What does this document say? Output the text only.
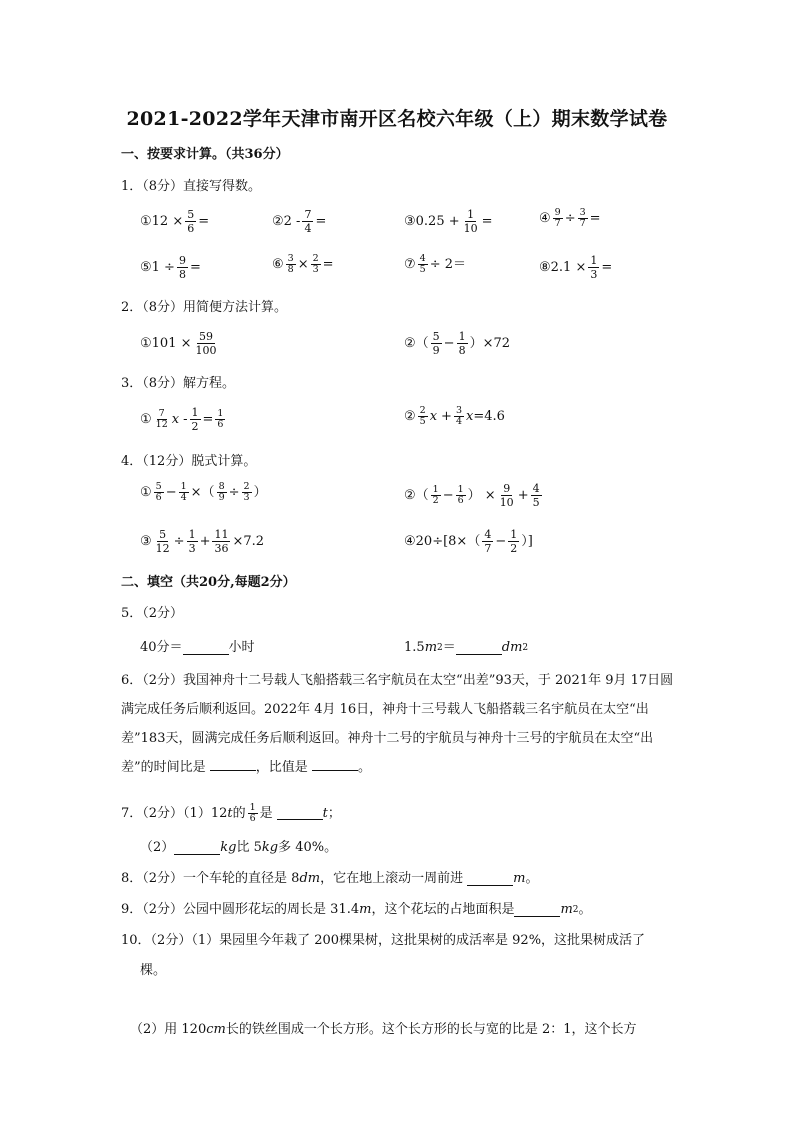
2021-2022学年天津市南开区名校六年级（上）期末数学试卷
一、按要求计算。（共36分）
1．（8分）直接写得数。
①12 × $\frac{5}{6}$ =	②2 - $\frac{7}{4}$ =	③0.25 + $\frac{1}{10}$ =	④ $\frac{9}{7} \div \frac{3}{7}$ =
⑤1 ÷ $\frac{9}{8}$ =	⑥ $\frac{3}{8} \times \frac{2}{3}$ =	⑦ $\frac{4}{5} \div 2=$	⑧2.1 × $\frac{1}{3}$ =
2．（8分）用简便方法计算。
①101 × $\frac{59}{100}$	②（ $\frac{5}{9} - \frac{1}{8} )\times 72$
3．（8分）解方程。
① $\frac{7}{12}$ $x - \frac{1}{2} = \frac{1}{6}$	② $\frac{2}{5}$ $x + \frac{3}{4}$ x =4.6
4．（12分）脱式计算。
① $\frac{5}{6} - \frac{1}{4}$ ×（ $\frac{8}{9} \div \frac{2}{3}$ ）	②（ $\frac{1}{2} - \frac{1}{6}$ ） × $\frac{9}{10} + \frac{4}{5}$
③ $\frac{5}{12} \div \frac{1}{3} + \frac{11}{36} \times 7.2$	④20÷[8×（ $\frac{4}{7} - \frac{1}{2}$ ）]
二、填空（共20分,每题2分）
5．（2分）
40分＝	小时	1.5 m 2 ＝	dm 2
6．（2分）我国神舟十二号载人飞船搭载三名宇航员在太空“出差”93天，于 2021年 9月 17日圆满完成任务后顺利返回。2022年 4月 16日，神舟十三号载人飞船搭载三名宇航员在太空“出差”183天，圆满完成任务后顺利返回。神舟十二号的宇航员与神舟十三号的宇航员在太空“出差”的时间比是	，比值是	。
7．（2分）（1）12 t 的 $\frac{1}{6}$ 是	t ；
（2）	kg 比 5 kg 多 40%。
8．（2分）一个车轮的直径是 8 dm ，它在地上滚动一周前进	m 。
9．（2分）公园中圆形花坛的周长是 31.4 m ，这个花坛的占地面积是	m 2 。
10．（2分）（1）果园里今年栽了 200棵果树，这批果树的成活率是 92%，这批果树成活了
棵。
（2）用 120 cm 长的铁丝围成一个长方形。这个长方形的长与宽的比是 2：1，这个长方
